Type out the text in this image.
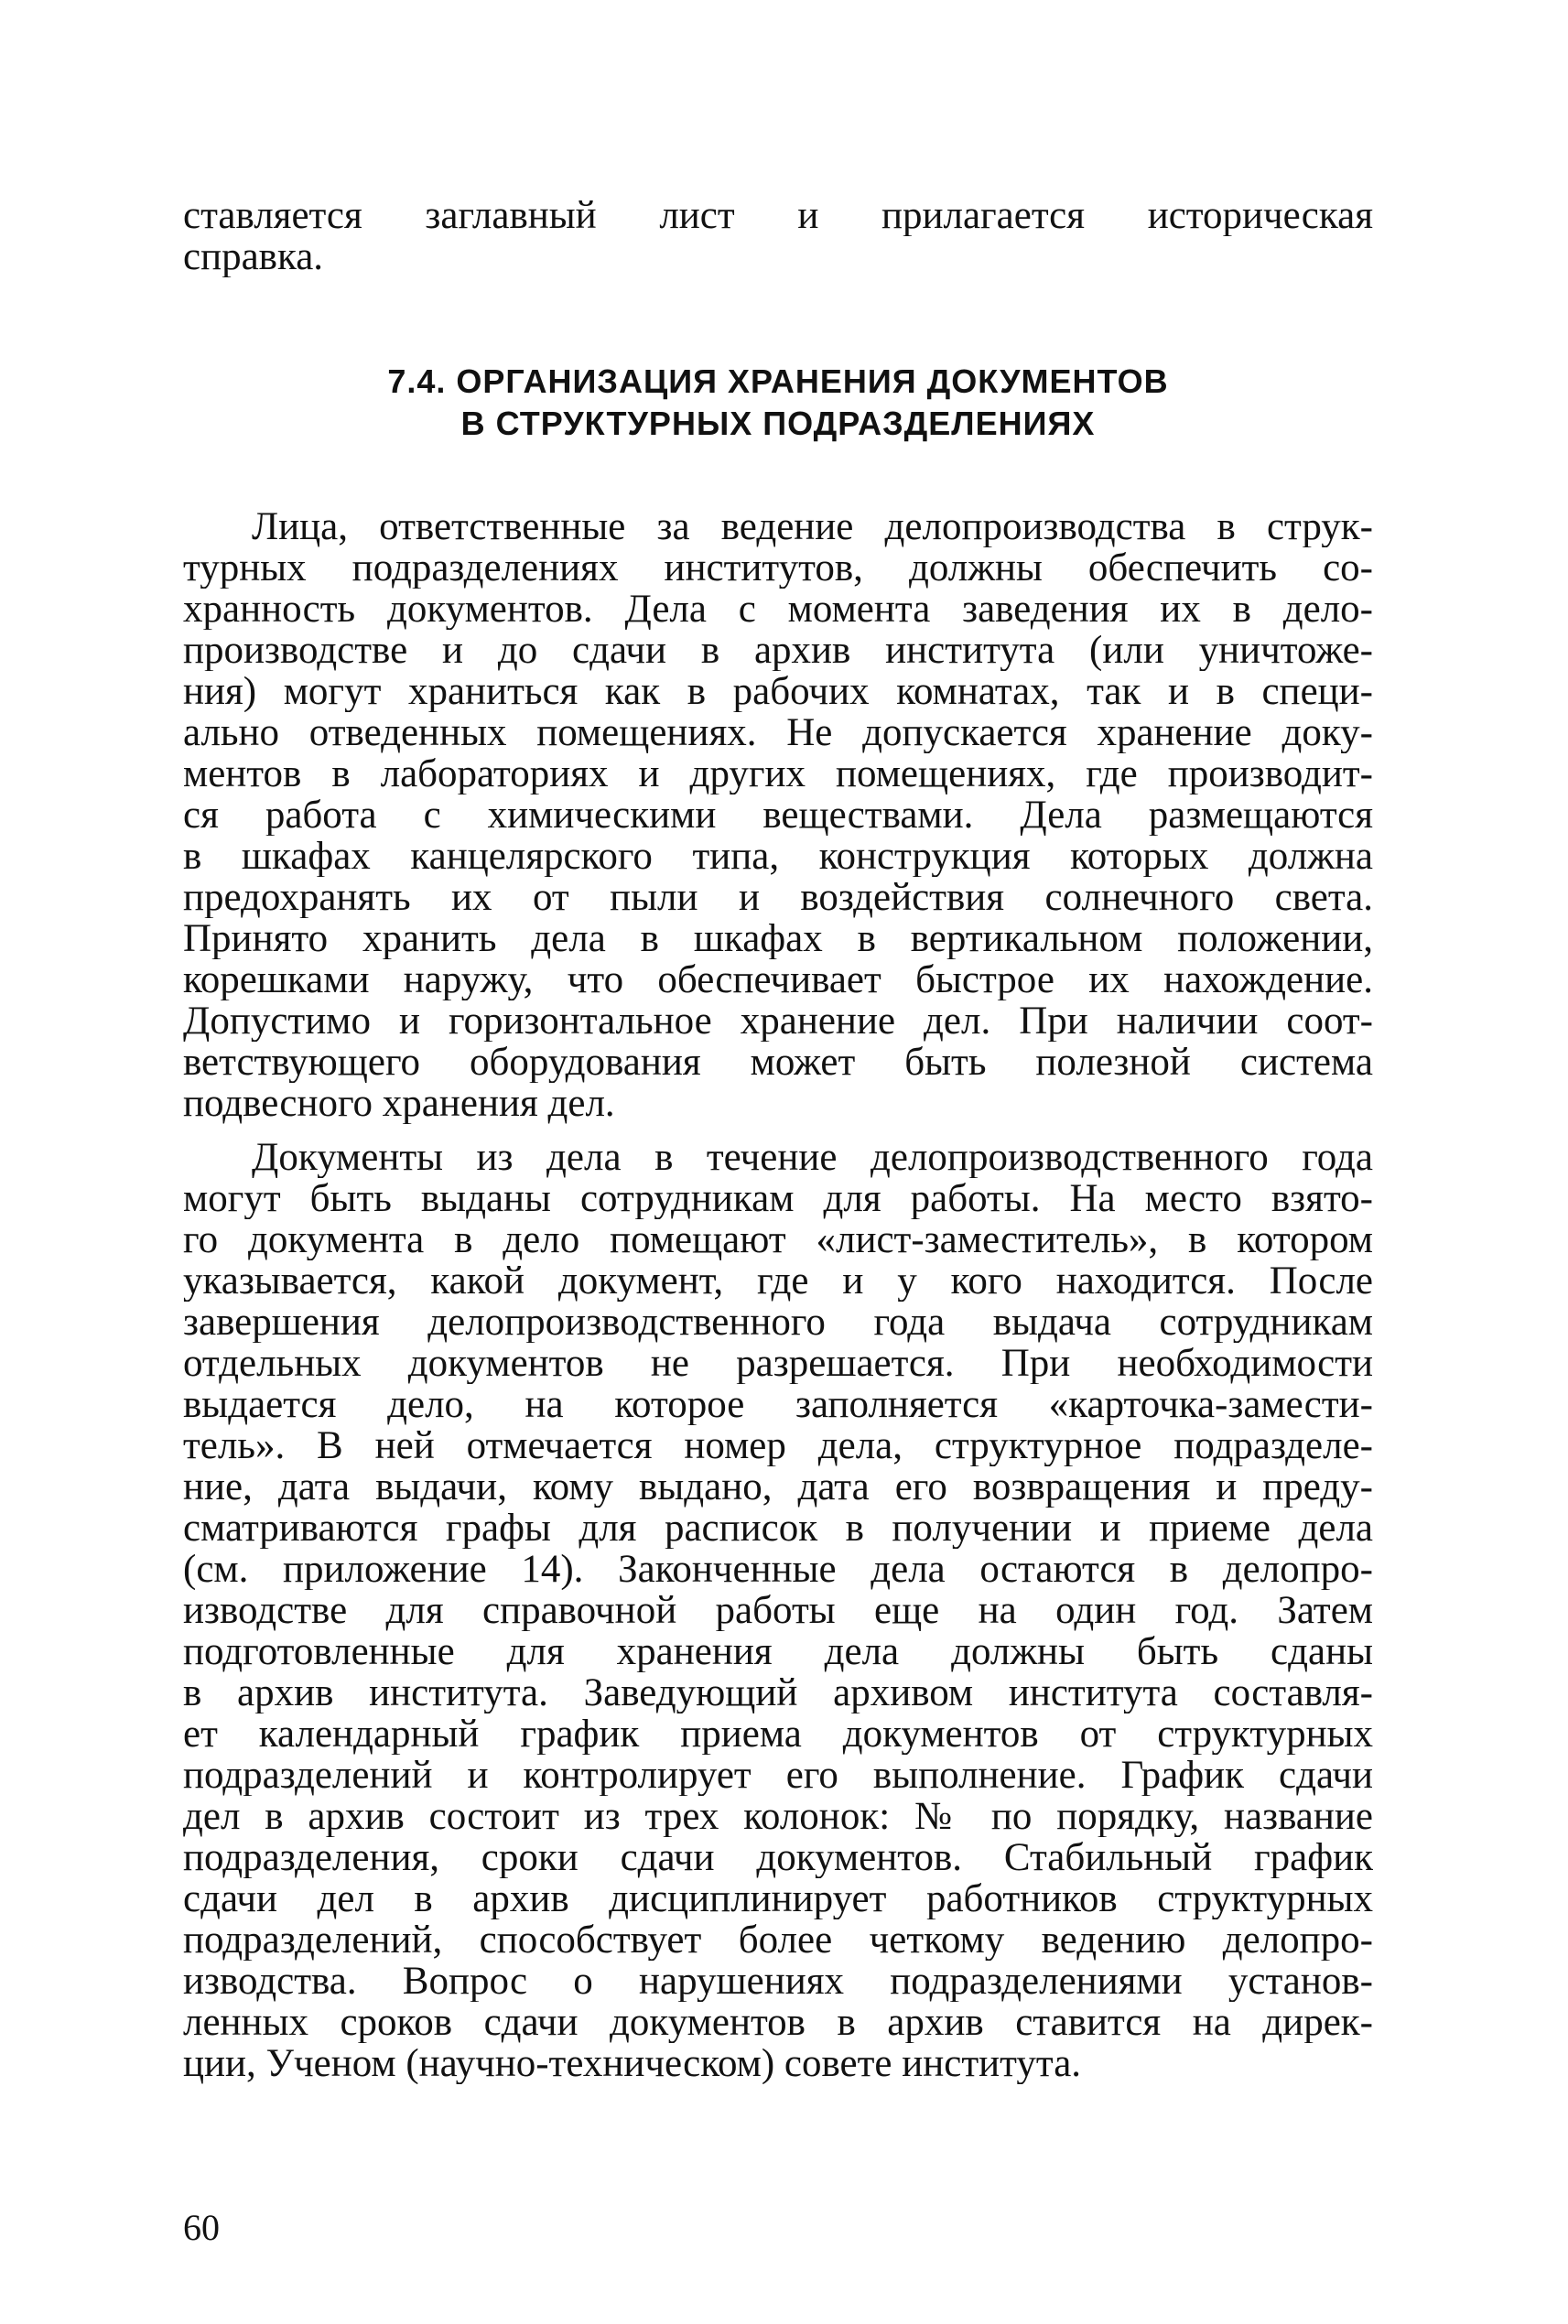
ставляется заглавный лист и прилагается историческая
справка.
7.4. ОРГАНИЗАЦИЯ ХРАНЕНИЯ ДОКУМЕНТОВ
В СТРУКТУРНЫХ ПОДРАЗДЕЛЕНИЯХ
Лица, ответственные за ведение делопроизводства в струк-
турных подразделениях институтов, должны обеспечить со-
хранность документов. Дела с момента заведения их в дело-
производстве и до сдачи в архив института (или уничтоже-
ния) могут храниться как в рабочих комнатах, так и в специ-
ально отведенных помещениях. Не допускается хранение доку-
ментов в лабораториях и других помещениях, где производит-
ся работа с химическими веществами. Дела размещаются
в шкафах канцелярского типа, конструкция которых должна
предохранять их от пыли и воздействия солнечного света.
Принято хранить дела в шкафах в вертикальном положении,
корешками наружу, что обеспечивает быстрое их нахождение.
Допустимо и горизонтальное хранение дел. При наличии соот-
ветствующего оборудования может быть полезной система
подвесного хранения дел.
Документы из дела в течение делопроизводственного года
могут быть выданы сотрудникам для работы. На место взято-
го документа в дело помещают «лист-заместитель», в котором
указывается, какой документ, где и у кого находится. После
завершения делопроизводственного года выдача сотрудникам
отдельных документов не разрешается. При необходимости
выдается дело, на которое заполняется «карточка-замести-
тель». В ней отмечается номер дела, структурное подразделе-
ние, дата выдачи, кому выдано, дата его возвращения и преду-
сматриваются графы для расписок в получении и приеме дела
(см. приложение 14). Законченные дела остаются в делопро-
изводстве для справочной работы еще на один год. Затем
подготовленные для хранения дела должны быть сданы
в архив института. Заведующий архивом института составля-
ет календарный график приема документов от структурных
подразделений и контролирует его выполнение. График сдачи
дел в архив состоит из трех колонок: № по порядку, название
подразделения, сроки сдачи документов. Стабильный график
сдачи дел в архив дисциплинирует работников структурных
подразделений, способствует более четкому ведению делопро-
изводства. Вопрос о нарушениях подразделениями установ-
ленных сроков сдачи документов в архив ставится на дирек-
ции, Ученом (научно-техническом) совете института.
60
